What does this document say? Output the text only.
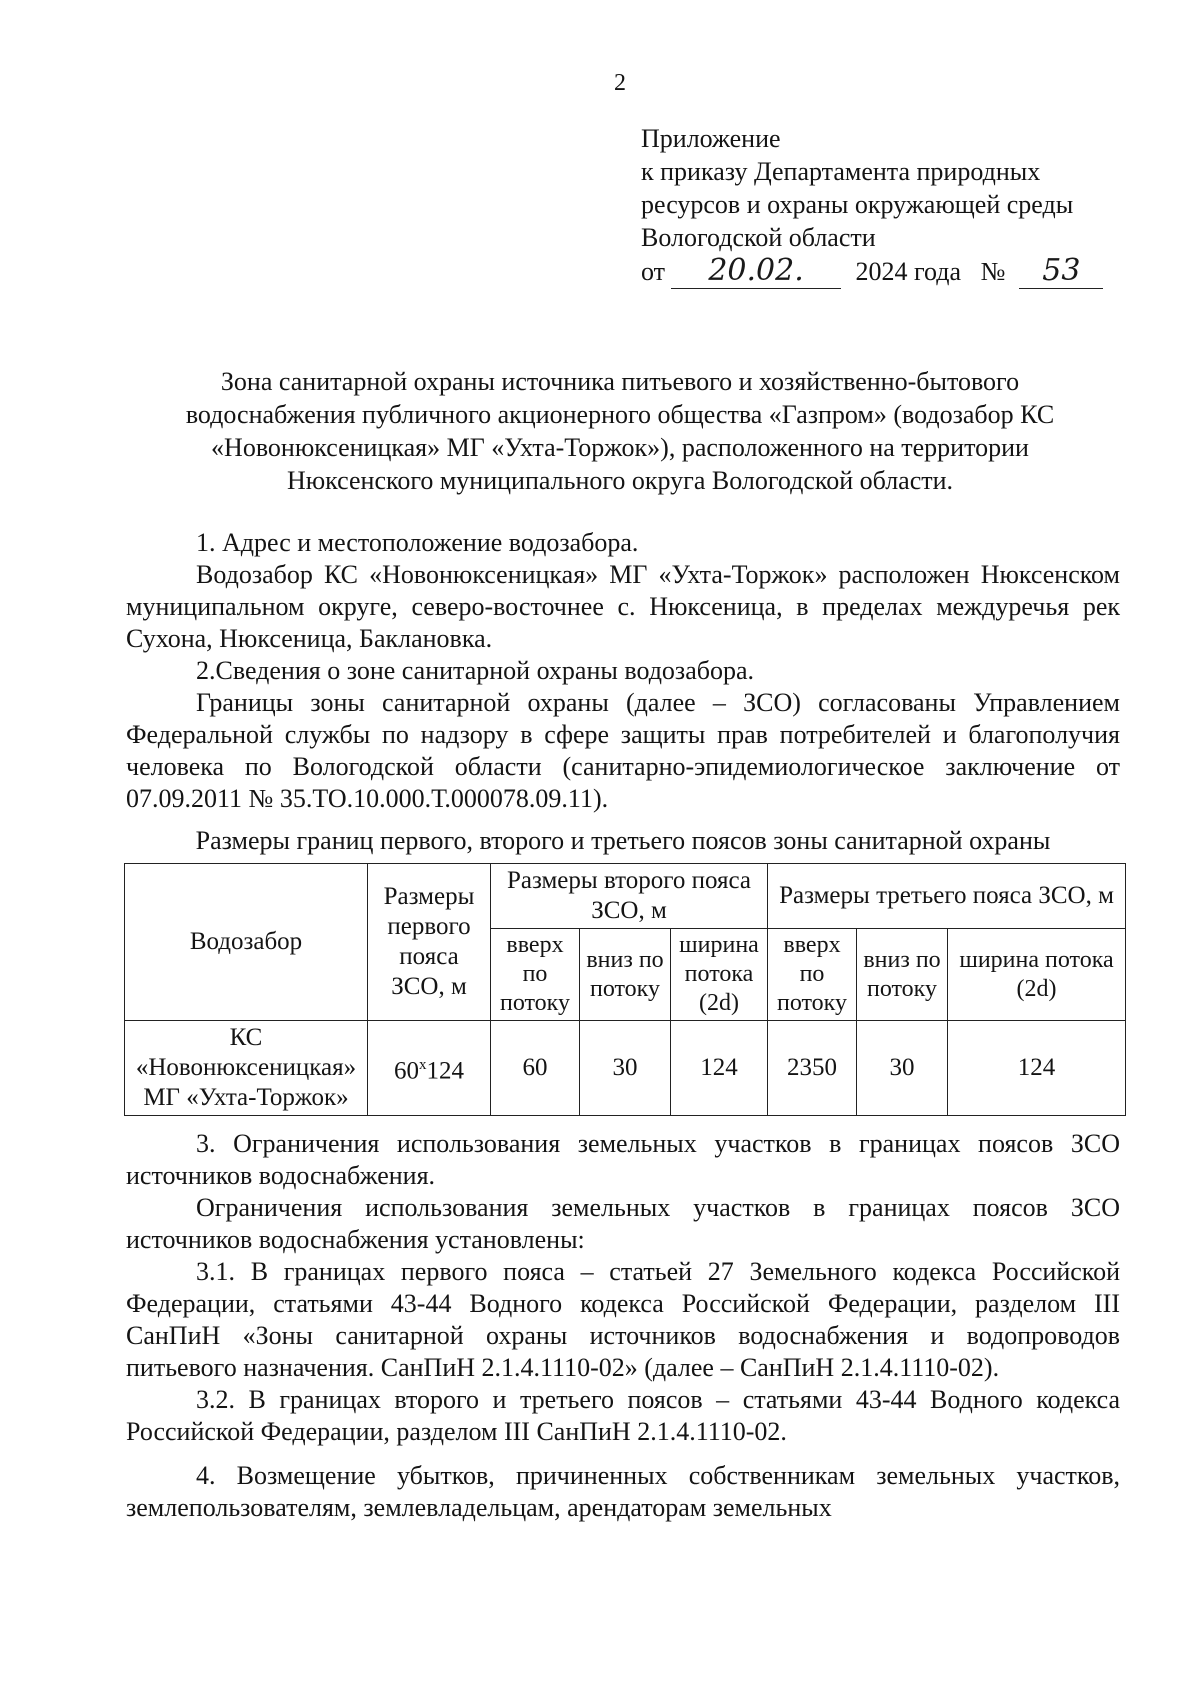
2
Приложение
к приказу Департамента природных
ресурсов и охраны окружающей среды
Вологодской области
от 20.02. 2024 года № 53
Зона санитарной охраны источника питьевого и хозяйственно-бытового
водоснабжения публичного акционерного общества «Газпром» (водозабор КС
«Новонюксеницкая» МГ «Ухта-Торжок»), расположенного на территории
Нюксенского муниципального округа Вологодской области.

1. Адрес и местоположение водозабора.

Водозабор КС «Новонюксеницкая» МГ «Ухта-Торжок» расположен Нюксенском муниципальном округе, северо-восточнее с. Нюксеница, в пределах междуречья рек Сухона, Нюксеница, Баклановка.

2.Сведения о зоне санитарной охраны водозабора.

Границы зоны санитарной охраны (далее – ЗСО) согласованы Управлением Федеральной службы по надзору в сфере защиты прав потребителей и благополучия человека по Вологодской области (санитарно-эпидемиологическое заключение от 07.09.2011 № 35.ТО.10.000.Т.000078.09.11).

Размеры границ первого, второго и третьего поясов зоны санитарной охраны
Водозабор	Размеры первого пояса ЗСО, м	Размеры второго пояса ЗСО, м			Размеры третьего пояса ЗСО, м		
		вверх по потоку	вниз по потоку	ширина потока (2d)	вверх по потоку	вниз по потоку	ширина потока (2d)
КС «Новонюксеницкая» МГ «Ухта-Торжок»	60$^x$124	60	30	124	2350	30	124

3. Ограничения использования земельных участков в границах поясов ЗСО источников водоснабжения.

Ограничения использования земельных участков в границах поясов ЗСО источников водоснабжения установлены:

3.1. В границах первого пояса – статьей 27 Земельного кодекса Российской Федерации, статьями 43-44 Водного кодекса Российской Федерации, разделом III СанПиН «Зоны санитарной охраны источников водоснабжения и водопроводов питьевого назначения. СанПиН 2.1.4.1110-02» (далее – СанПиН 2.1.4.1110-02).

3.2. В границах второго и третьего поясов – статьями 43-44 Водного кодекса Российской Федерации, разделом III СанПиН 2.1.4.1110-02.

4. Возмещение убытков, причиненных собственникам земельных участков, землепользователям, землевладельцам, арендаторам земельных
